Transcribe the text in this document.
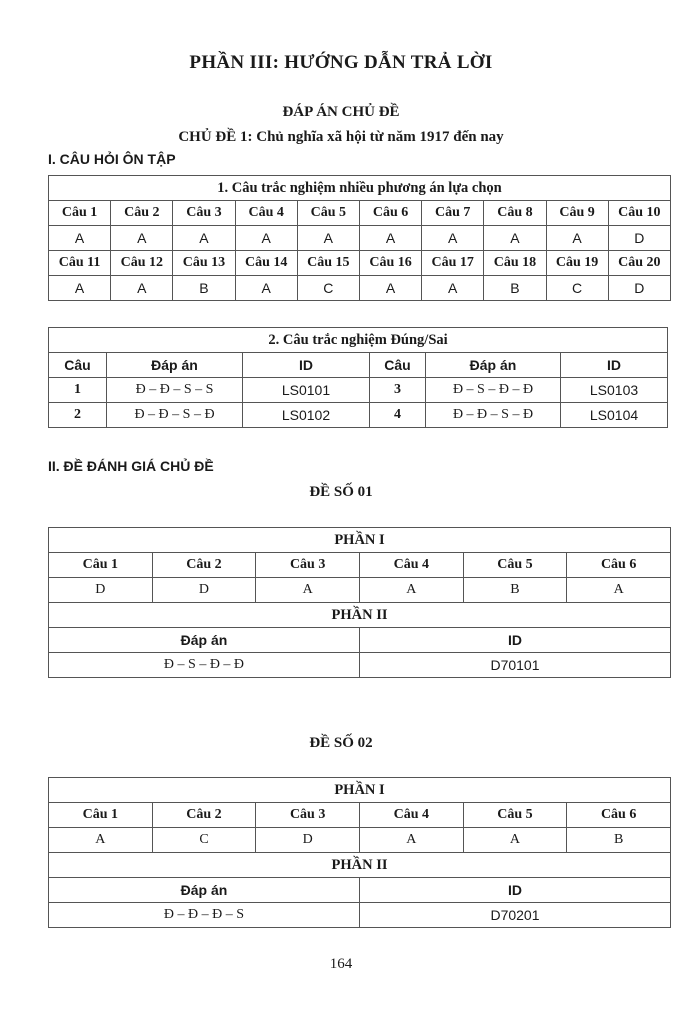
PHẦN III: HƯỚNG DẪN TRẢ LỜI
ĐÁP ÁN CHỦ ĐỀ
CHỦ ĐỀ 1: Chủ nghĩa xã hội từ năm 1917 đến nay
I. CÂU HỎI ÔN TẬP
1. Câu trắc nghiệm nhiều phương án lựa chọn									
Câu 1	Câu 2	Câu 3	Câu 4	Câu 5	Câu 6	Câu 7	Câu 8	Câu 9	Câu 10
A	A	A	A	A	A	A	A	A	D
Câu 11	Câu 12	Câu 13	Câu 14	Câu 15	Câu 16	Câu 17	Câu 18	Câu 19	Câu 20
A	A	B	A	C	A	A	B	C	D
2. Câu trắc nghiệm Đúng/Sai					
Câu	Đáp án	ID	Câu	Đáp án	ID
1	Đ – Đ – S – S	LS0101	3	Đ – S – Đ – Đ	LS0103
2	Đ – Đ – S – Đ	LS0102	4	Đ – Đ – S – Đ	LS0104
II. ĐỀ ĐÁNH GIÁ CHỦ ĐỀ
ĐỀ SỐ 01
PHẦN I					
Câu 1	Câu 2	Câu 3	Câu 4	Câu 5	Câu 6
D	D	A	A	B	A
PHẦN II					
Đáp án			ID		
Đ – S – Đ – Đ			D70101		
ĐỀ SỐ 02
PHẦN I					
Câu 1	Câu 2	Câu 3	Câu 4	Câu 5	Câu 6
A	C	D	A	A	B
PHẦN II					
Đáp án			ID		
Đ – Đ – Đ – S			D70201		
164
